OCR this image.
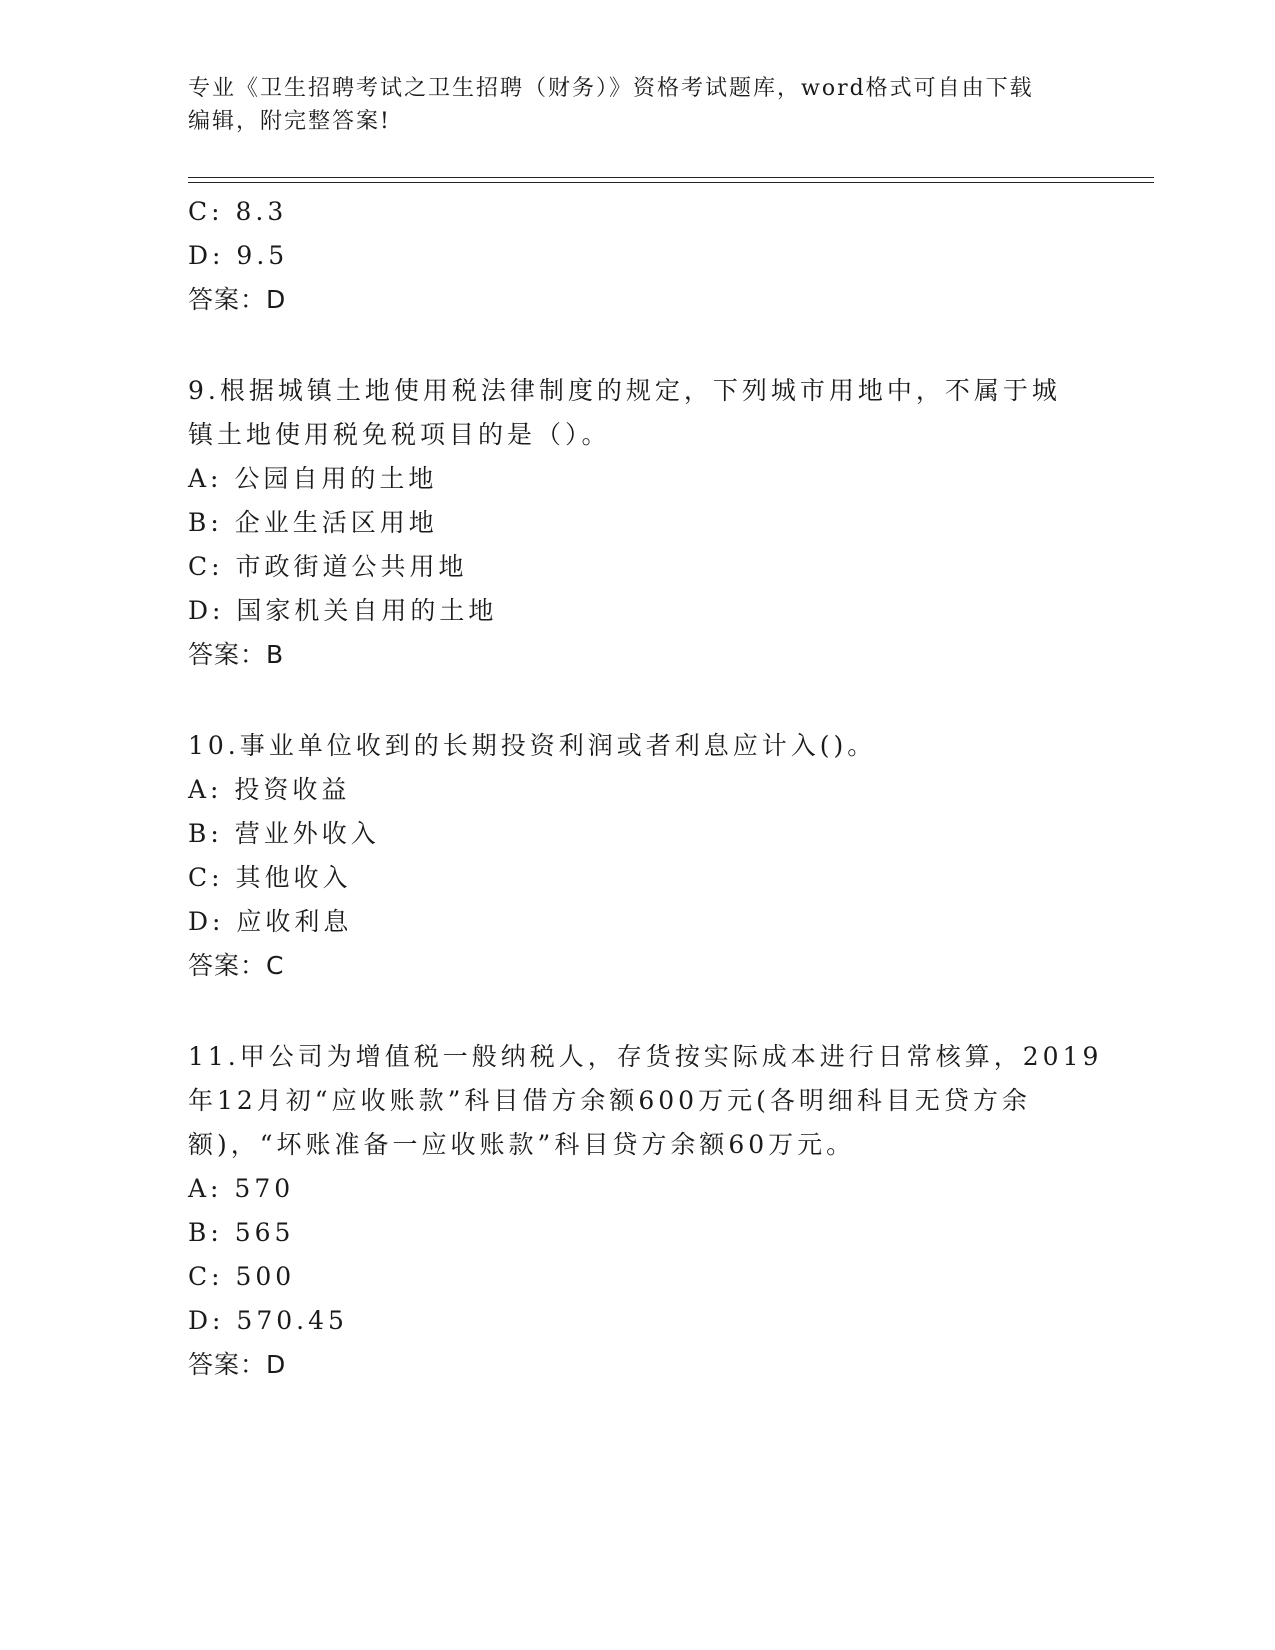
专业《卫生招聘考试之卫生招聘（财务）》资格考试题库，word格式可自由下载
编辑，附完整答案!
C: 8.3
D: 9.5
答案：D
9.根据城镇土地使用税法律制度的规定，下列城市用地中，不属于城
镇土地使用税免税项目的是（）。
A: 公园自用的土地
B: 企业生活区用地
C: 市政街道公共用地
D: 国家机关自用的土地
答案：B
10.事业单位收到的长期投资利润或者利息应计入()。
A: 投资收益
B: 营业外收入
C: 其他收入
D: 应收利息
答案：C
11.甲公司为增值税一般纳税人，存货按实际成本进行日常核算，2019
年12月初“应收账款”科目借方余额600万元(各明细科目无贷方余
额)，“坏账准备一应收账款”科目贷方余额60万元。
A: 570
B: 565
C: 500
D: 570.45
答案：D
